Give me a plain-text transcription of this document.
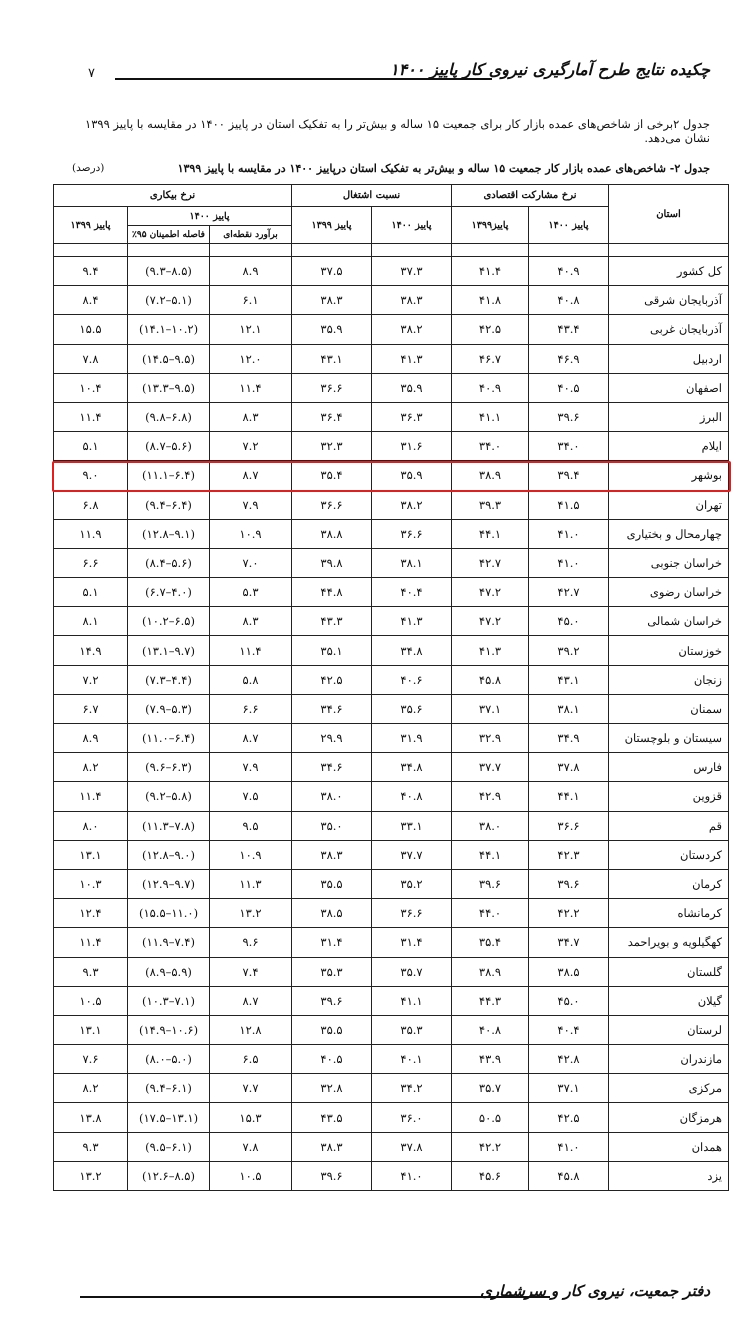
۷	چکیده نتایج طرح آمارگیری نیروی کار پاییز ۱۴۰۰

جدول ۲برخی از شاخص‌های عمده بازار کار برای جمعیت ۱۵ ساله و بیش‌تر را به تفکیک استان در پاییز ۱۴۰۰ در مقایسه با پاییز ۱۳۹۹ نشان می‌دهد.

جدول ۲- شاخص‌های عمده بازار کار جمعیت ۱۵ ساله و بیش‌تر به تفکیک استان درپاییز ۱۴۰۰ در مقایسه با پاییز ۱۳۹۹
(درصد)
استان	نرخ مشارکت اقتصادی		نسبت اشتغال		نرخ بیکاری		
	پاییز ۱۴۰۰	پاییز۱۳۹۹	پاییز ۱۴۰۰	پاییز ۱۳۹۹	پاییز ۱۴۰۰		پاییز ۱۳۹۹
					برآورد نقطه‌ای	فاصله اطمینان ۹۵٪	

کل کشور	۴۰.۹	۴۱.۴	۳۷.۳	۳۷.۵	۸.۹	(۸.۵–۹.۳)	۹.۴
آذربایجان شرقی	۴۰.۸	۴۱.۸	۳۸.۳	۳۸.۳	۶.۱	(۵.۱–۷.۲)	۸.۴
آذربایجان غربی	۴۳.۴	۴۲.۵	۳۸.۲	۳۵.۹	۱۲.۱	(۱۰.۲–۱۴.۱)	۱۵.۵
اردبیل	۴۶.۹	۴۶.۷	۴۱.۳	۴۳.۱	۱۲.۰	(۹.۵–۱۴.۵)	۷.۸
اصفهان	۴۰.۵	۴۰.۹	۳۵.۹	۳۶.۶	۱۱.۴	(۹.۵–۱۳.۳)	۱۰.۴
البرز	۳۹.۶	۴۱.۱	۳۶.۳	۳۶.۴	۸.۳	(۶.۸–۹.۸)	۱۱.۴
ایلام	۳۴.۰	۳۴.۰	۳۱.۶	۳۲.۳	۷.۲	(۵.۶–۸.۷)	۵.۱
بوشهر	۳۹.۴	۳۸.۹	۳۵.۹	۳۵.۴	۸.۷	(۶.۴–۱۱.۱)	۹.۰
تهران	۴۱.۵	۳۹.۳	۳۸.۲	۳۶.۶	۷.۹	(۶.۴–۹.۴)	۶.۸
چهارمحال و بختیاری	۴۱.۰	۴۴.۱	۳۶.۶	۳۸.۸	۱۰.۹	(۹.۱–۱۲.۸)	۱۱.۹
خراسان جنوبی	۴۱.۰	۴۲.۷	۳۸.۱	۳۹.۸	۷.۰	(۵.۶–۸.۴)	۶.۶
خراسان رضوی	۴۲.۷	۴۷.۲	۴۰.۴	۴۴.۸	۵.۳	(۴.۰–۶.۷)	۵.۱
خراسان شمالی	۴۵.۰	۴۷.۲	۴۱.۳	۴۳.۳	۸.۳	(۶.۵–۱۰.۲)	۸.۱
خوزستان	۳۹.۲	۴۱.۳	۳۴.۸	۳۵.۱	۱۱.۴	(۹.۷–۱۳.۱)	۱۴.۹
زنجان	۴۳.۱	۴۵.۸	۴۰.۶	۴۲.۵	۵.۸	(۴.۴–۷.۳)	۷.۲
سمنان	۳۸.۱	۳۷.۱	۳۵.۶	۳۴.۶	۶.۶	(۵.۳–۷.۹)	۶.۷
سیستان و بلوچستان	۳۴.۹	۳۲.۹	۳۱.۹	۲۹.۹	۸.۷	(۶.۴–۱۱.۰)	۸.۹
فارس	۳۷.۸	۳۷.۷	۳۴.۸	۳۴.۶	۷.۹	(۶.۳–۹.۶)	۸.۲
قزوین	۴۴.۱	۴۲.۹	۴۰.۸	۳۸.۰	۷.۵	(۵.۸–۹.۲)	۱۱.۴
قم	۳۶.۶	۳۸.۰	۳۳.۱	۳۵.۰	۹.۵	(۷.۸–۱۱.۳)	۸.۰
کردستان	۴۲.۳	۴۴.۱	۳۷.۷	۳۸.۳	۱۰.۹	(۹.۰–۱۲.۸)	۱۳.۱
کرمان	۳۹.۶	۳۹.۶	۳۵.۲	۳۵.۵	۱۱.۳	(۹.۷–۱۲.۹)	۱۰.۳
کرمانشاه	۴۲.۲	۴۴.۰	۳۶.۶	۳۸.۵	۱۳.۲	(۱۱.۰–۱۵.۵)	۱۲.۴
کهگیلویه و بویراحمد	۳۴.۷	۳۵.۴	۳۱.۴	۳۱.۴	۹.۶	(۷.۴–۱۱.۹)	۱۱.۴
گلستان	۳۸.۵	۳۸.۹	۳۵.۷	۳۵.۳	۷.۴	(۵.۹–۸.۹)	۹.۳
گیلان	۴۵.۰	۴۴.۳	۴۱.۱	۳۹.۶	۸.۷	(۷.۱–۱۰.۳)	۱۰.۵
لرستان	۴۰.۴	۴۰.۸	۳۵.۳	۳۵.۵	۱۲.۸	(۱۰.۶–۱۴.۹)	۱۳.۱
مازندران	۴۲.۸	۴۳.۹	۴۰.۱	۴۰.۵	۶.۵	(۵.۰–۸.۰)	۷.۶
مرکزی	۳۷.۱	۳۵.۷	۳۴.۲	۳۲.۸	۷.۷	(۶.۱–۹.۴)	۸.۲
هرمزگان	۴۲.۵	۵۰.۵	۳۶.۰	۴۳.۵	۱۵.۳	(۱۳.۱–۱۷.۵)	۱۳.۸
همدان	۴۱.۰	۴۲.۲	۳۷.۸	۳۸.۳	۷.۸	(۶.۱–۹.۵)	۹.۳
یزد	۴۵.۸	۴۵.۶	۴۱.۰	۳۹.۶	۱۰.۵	(۸.۵–۱۲.۶)	۱۳.۲
دفتر جمعیت، نیروی کار و سرشماری
